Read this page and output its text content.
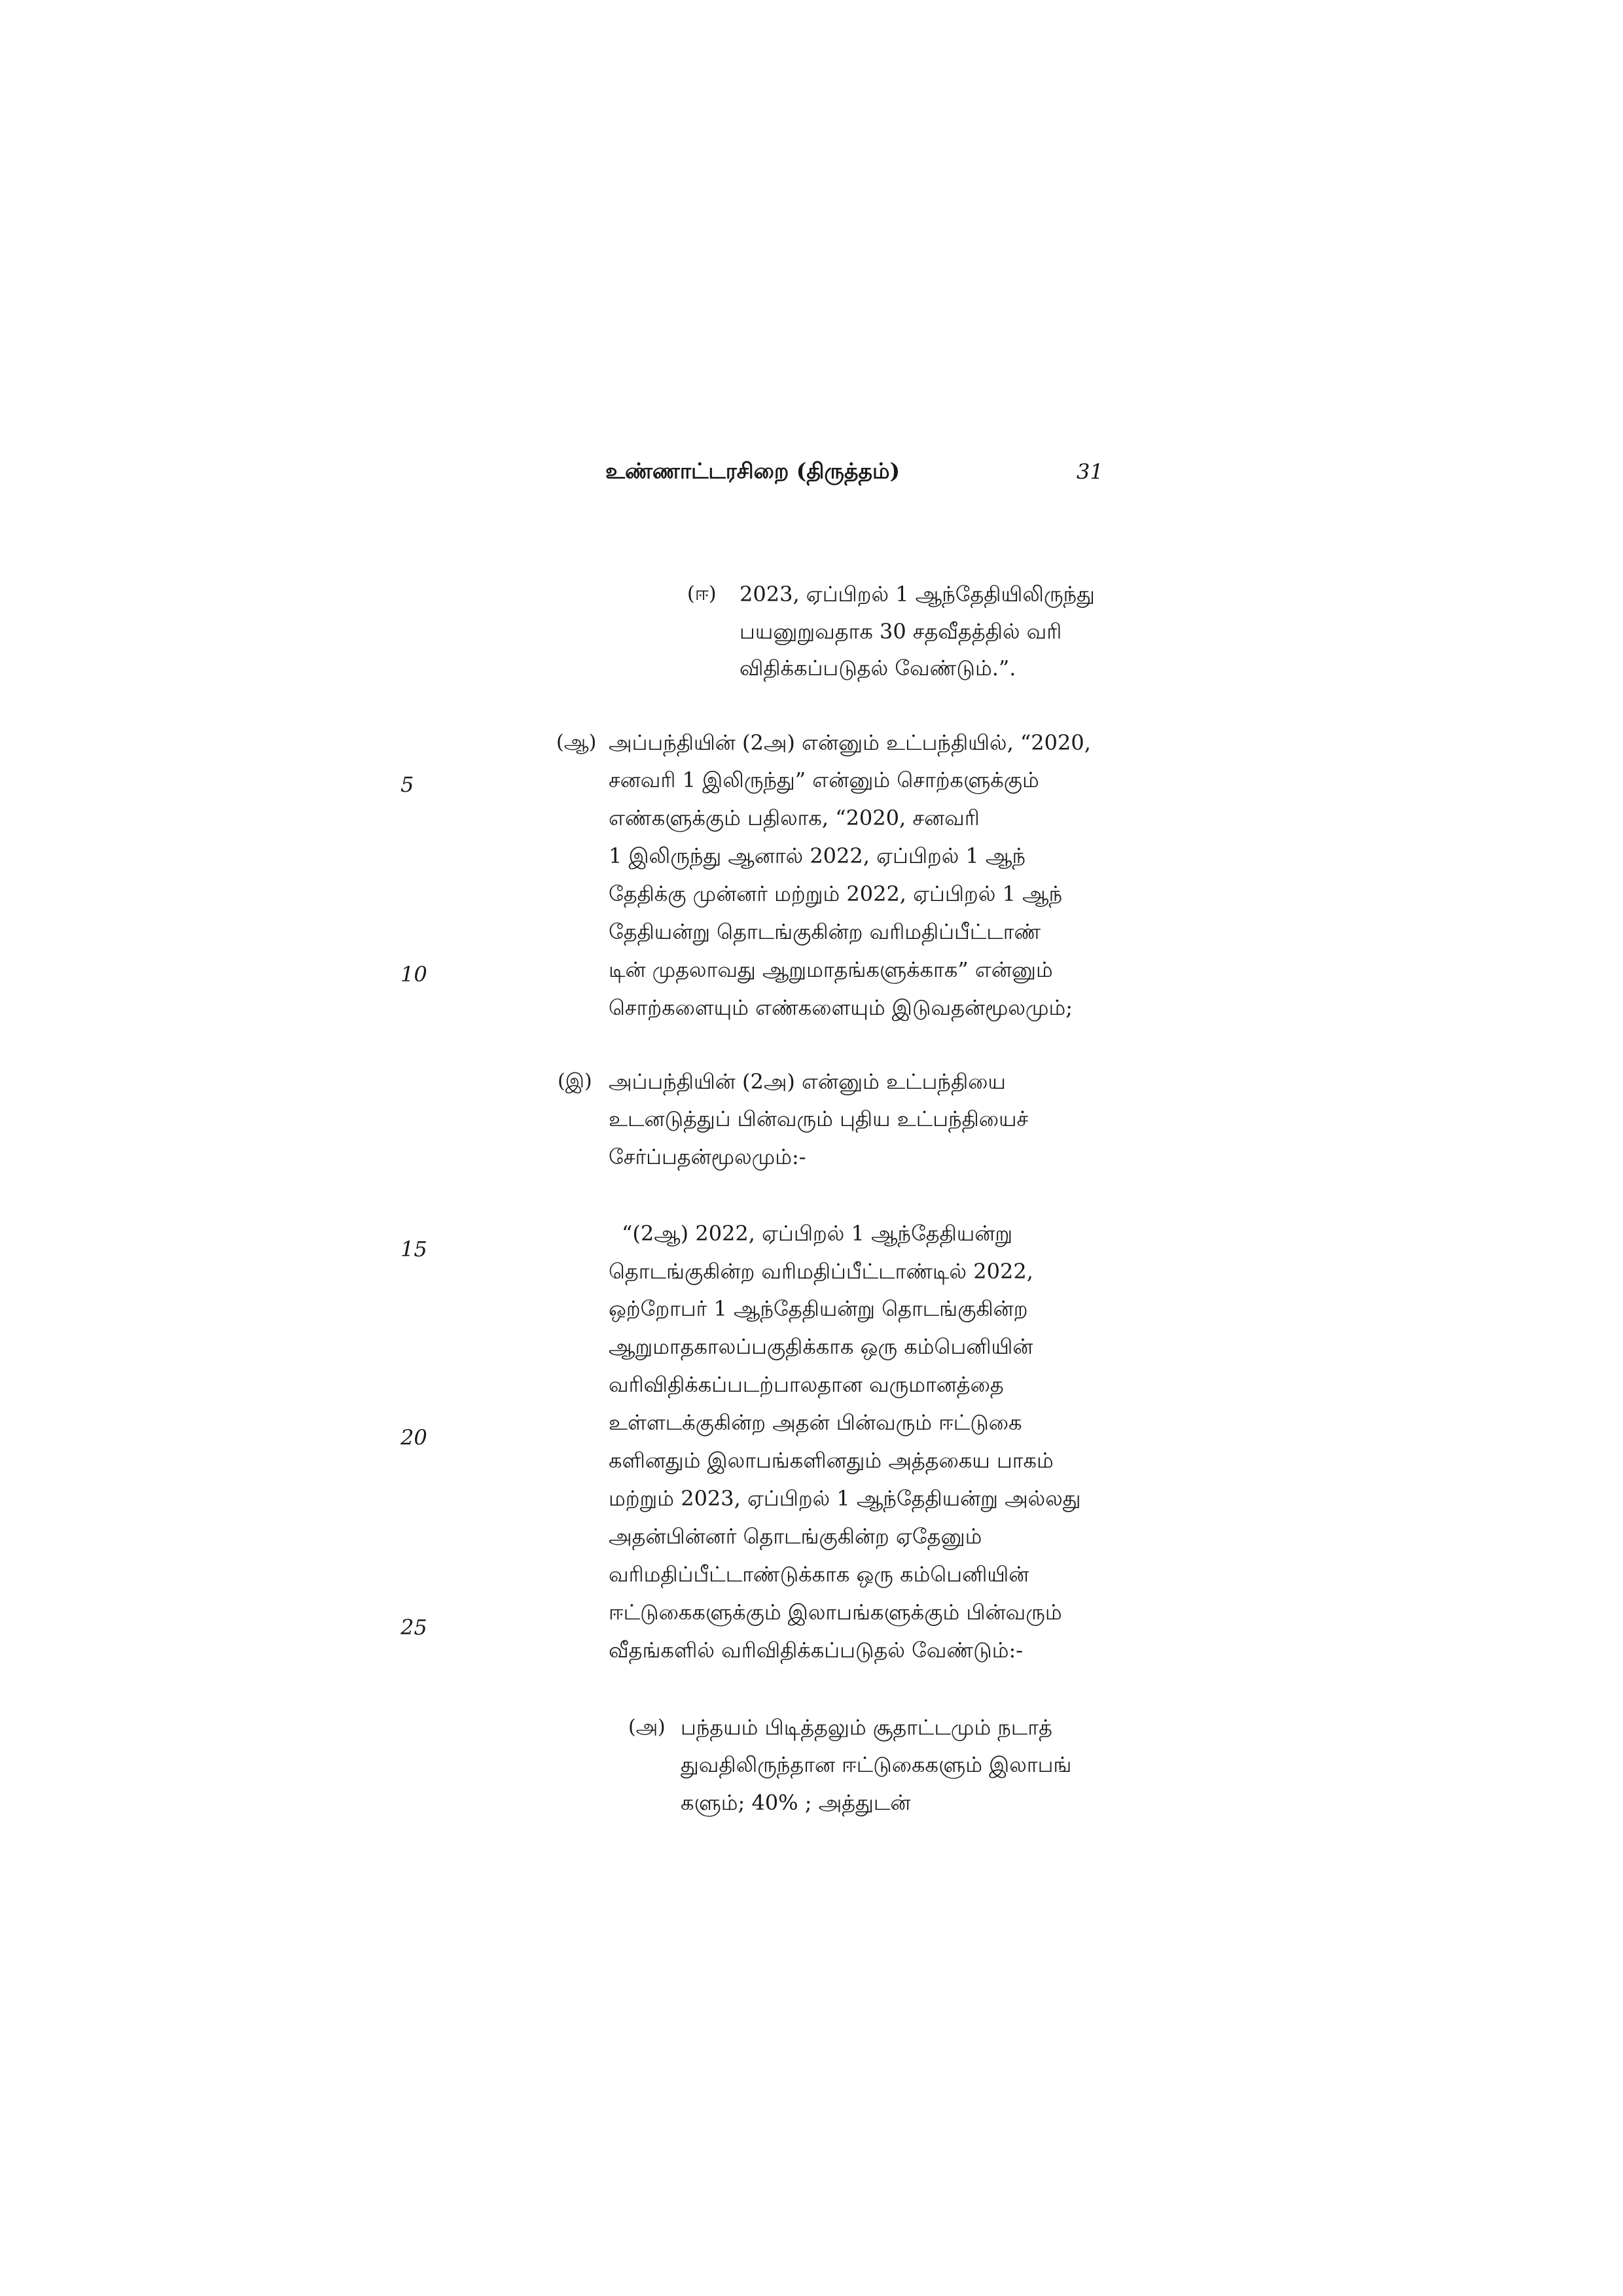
உண்ணாட்டரசிறை (திருத்தம்)	31
5
10
15
20
25
(ஈ) 2023, ஏப்பிறல் 1 ஆந்தேதியிலிருந்து
பயனுறுவதாக 30 சதவீதத்தில் வரி
விதிக்கப்படுதல் வேண்டும்.”.
(ஆ) அப்பந்தியின் (2அ) என்னும் உட்பந்தியில், “2020,
சனவரி 1 இலிருந்து” என்னும் சொற்களுக்கும்
எண்களுக்கும் பதிலாக, “2020, சனவரி
1 இலிருந்து ஆனால் 2022, ஏப்பிறல் 1 ஆந்
தேதிக்கு முன்னர் மற்றும் 2022, ஏப்பிறல் 1 ஆந்
தேதியன்று தொடங்குகின்ற வரிமதிப்பீட்டாண்
டின் முதலாவது ஆறுமாதங்களுக்காக” என்னும்
சொற்களையும் எண்களையும் இடுவதன்மூலமும்;
(இ) அப்பந்தியின் (2அ) என்னும் உட்பந்தியை
உடனடுத்துப் பின்வரும் புதிய உட்பந்தியைச்
சேர்ப்பதன்மூலமும்:-
“(2ஆ) 2022, ஏப்பிறல் 1 ஆந்தேதியன்று
தொடங்குகின்ற வரிமதிப்பீட்டாண்டில் 2022,
ஒற்றோபர் 1 ஆந்தேதியன்று தொடங்குகின்ற
ஆறுமாதகாலப்பகுதிக்காக ஒரு கம்பெனியின்
வரிவிதிக்கப்படற்பாலதான வருமானத்தை
உள்ளடக்குகின்ற அதன் பின்வரும் ஈட்டுகை
களினதும் இலாபங்களினதும் அத்தகைய பாகம்
மற்றும் 2023, ஏப்பிறல் 1 ஆந்தேதியன்று அல்லது
அதன்பின்னர் தொடங்குகின்ற ஏதேனும்
வரிமதிப்பீட்டாண்டுக்காக ஒரு கம்பெனியின்
ஈட்டுகைகளுக்கும் இலாபங்களுக்கும் பின்வரும்
வீதங்களில் வரிவிதிக்கப்படுதல் வேண்டும்:-
(அ) பந்தயம் பிடித்தலும் சூதாட்டமும் நடாத்
துவதிலிருந்தான ஈட்டுகைகளும் இலாபங்
களும்; 40% ; அத்துடன்
